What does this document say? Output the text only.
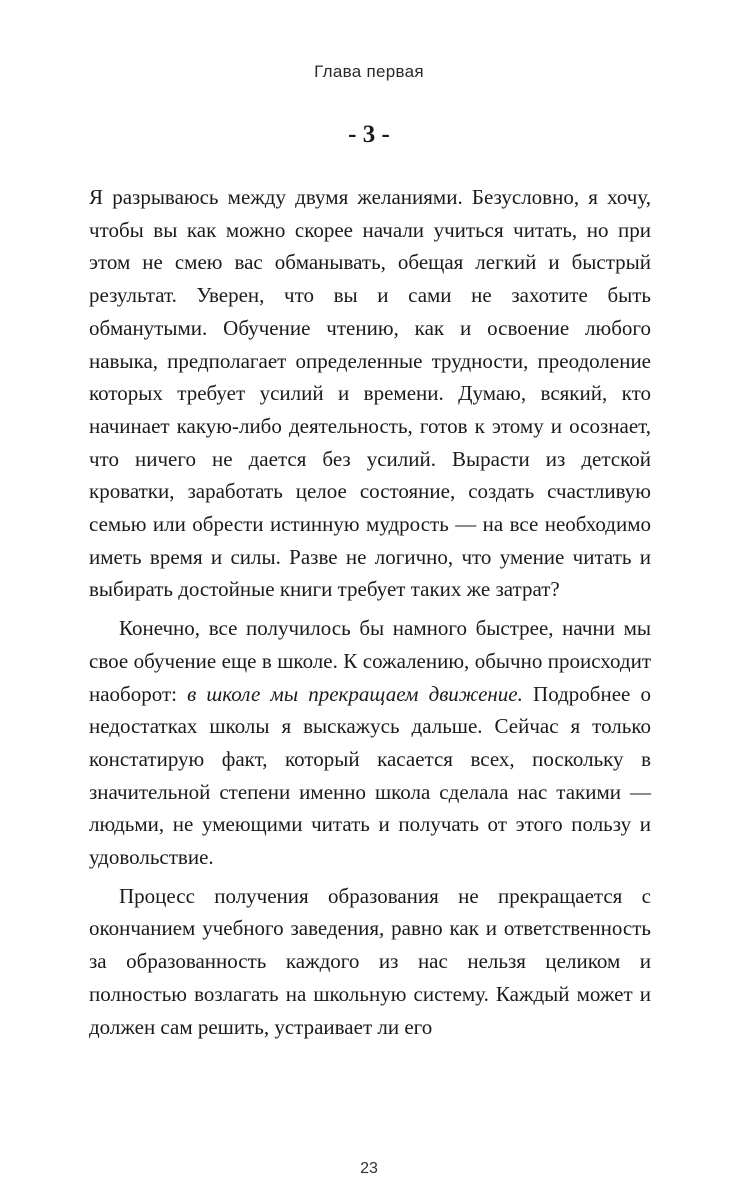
Глава первая
- 3 -

Я разрываюсь между двумя желаниями. Безусловно, я хочу, чтобы вы как можно скорее начали учиться читать, но при этом не смею вас обманывать, обещая легкий и быстрый результат. Уверен, что вы и сами не захотите быть обманутыми. Обучение чтению, как и освоение любого навыка, предполагает определенные трудности, преодоление которых требует усилий и времени. Думаю, всякий, кто начинает какую-либо деятельность, готов к этому и осознает, что ничего не дается без усилий. Вырасти из детской кроватки, заработать целое состояние, создать счастливую семью или обрести истинную мудрость — на все необходимо иметь время и силы. Разве не логично, что умение читать и выбирать достойные книги требует таких же затрат?

Конечно, все получилось бы намного быстрее, начни мы свое обучение еще в школе. К сожалению, обычно происходит наоборот: в школе мы прекращаем движение. Подробнее о недостатках школы я выскажусь дальше. Сейчас я только констатирую факт, который касается всех, поскольку в значительной степени именно школа сделала нас такими — людьми, не умеющими читать и получать от этого пользу и удовольствие.

Процесс получения образования не прекращается с окончанием учебного заведения, равно как и ответственность за образованность каждого из нас нельзя целиком и полностью возлагать на школьную систему. Каждый может и должен сам решить, устраивает ли его

23
